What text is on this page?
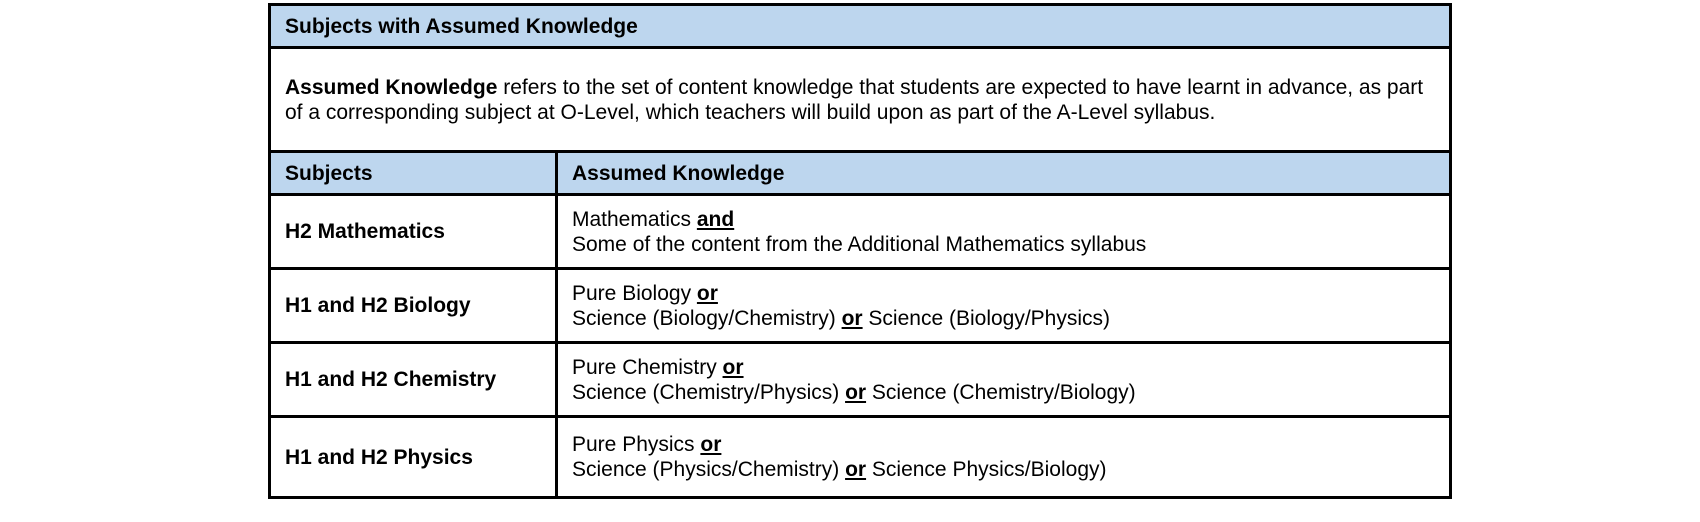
Subjects with Assumed Knowledge	
Assumed Knowledge refers to the set of content knowledge that students are expected to have learnt in advance, as part of a corresponding subject at O-Level, which teachers will build upon as part of the A-Level syllabus.	
Subjects	Assumed Knowledge
H2 Mathematics	Mathematics and
Some of the content from the Additional Mathematics syllabus
H1 and H2 Biology	Pure Biology or
Science (Biology/Chemistry) or Science (Biology/Physics)
H1 and H2 Chemistry	Pure Chemistry or
Science (Chemistry/Physics) or Science (Chemistry/Biology)
H1 and H2 Physics	Pure Physics or
Science (Physics/Chemistry) or Science Physics/Biology)
